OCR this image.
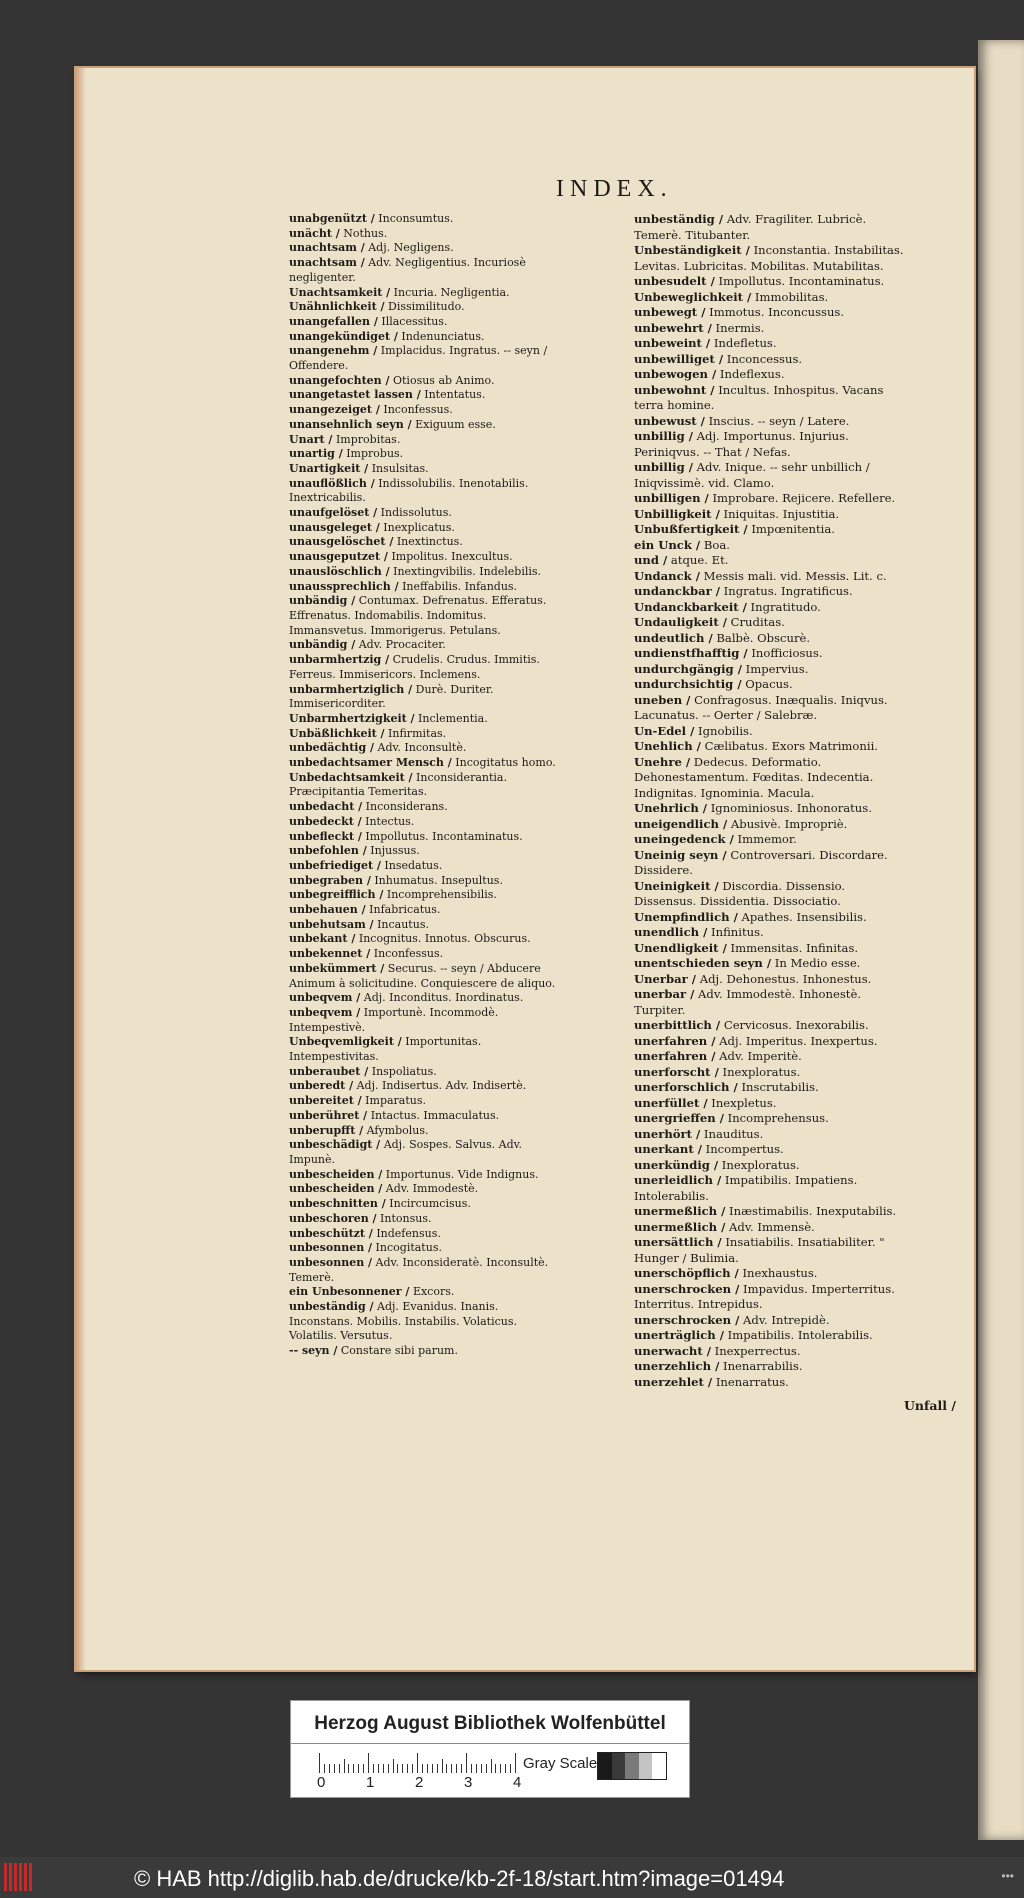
INDEX.
unabgenützt / Inconsumtus.
unächt / Nothus.
unachtsam / Adj. Negligens.
unachtsam / Adv. Negligentius. Incuriosè negligenter.
Unachtsamkeit / Incuria. Negligentia.
Unähnlichkeit / Dissimilitudo.
unangefallen / Illacessitus.
unangekündiget / Indenunciatus.
unangenehm / Implacidus. Ingratus. -- seyn / Offendere.
unangefochten / Otiosus ab Animo.
unangetastet lassen / Intentatus.
unangezeiget / Inconfessus.
unansehnlich seyn / Exiguum esse.
Unart / Improbitas.
unartig / Improbus.
Unartigkeit / Insulsitas.
unauflößlich / Indissolubilis. Inenotabilis. Inextricabilis.
unaufgelöset / Indissolutus.
unausgeleget / Inexplicatus.
unausgelöschet / Inextinctus.
unausgeputzet / Impolitus. Inexcultus.
unauslöschlich / Inextingvibilis. Indelebilis.
unaussprechlich / Ineffabilis. Infandus.
unbändig / Contumax. Defrenatus. Efferatus. Effrenatus. Indomabilis. Indomitus. Immansvetus. Immorigerus. Petulans.
unbändig / Adv. Procaciter.
unbarmhertzig / Crudelis. Crudus. Immitis. Ferreus. Immisericors. Inclemens.
unbarmhertziglich / Durè. Duriter. Immisericorditer.
Unbarmhertzigkeit / Inclementia.
Unbäßlichkeit / Infirmitas.
unbedächtig / Adv. Inconsultè.
unbedachtsamer Mensch / Incogitatus homo.
Unbedachtsamkeit / Inconsiderantia. Præcipitantia Temeritas.
unbedacht / Inconsiderans.
unbedeckt / Intectus.
unbefleckt / Impollutus. Incontaminatus.
unbefohlen / Injussus.
unbefriediget / Insedatus.
unbegraben / Inhumatus. Insepultus.
unbegreifflich / Incomprehensibilis.
unbehauen / Infabricatus.
unbehutsam / Incautus.
unbekant / Incognitus. Innotus. Obscurus.
unbekennet / Inconfessus.
unbekümmert / Securus. -- seyn / Abducere Animum à solicitudine. Conquiescere de aliquo.
unbeqvem / Adj. Inconditus. Inordinatus.
unbeqvem / Importunè. Incommodè. Intempestivè.
Unbeqvemligkeit / Importunitas. Intempestivitas.
unberaubet / Inspoliatus.
unberedt / Adj. Indisertus. Adv. Indisertè.
unbereitet / Imparatus.
unberühret / Intactus. Immaculatus.
unberupfft / Afymbolus.
unbeschädigt / Adj. Sospes. Salvus. Adv. Impunè.
unbescheiden / Importunus. Vide Indignus.
unbescheiden / Adv. Immodestè.
unbeschnitten / Incircumcisus.
unbeschoren / Intonsus.
unbeschützt / Indefensus.
unbesonnen / Incogitatus.
unbesonnen / Adv. Inconsideratè. Inconsultè. Temerè.
ein Unbesonnener / Excors.
unbeständig / Adj. Evanidus. Inanis. Inconstans. Mobilis. Instabilis. Volaticus. Volatilis. Versutus.
-- seyn / Constare sibi parum.
unbeständig / Adv. Fragiliter. Lubricè. Temerè. Titubanter.
Unbeständigkeit / Inconstantia. Instabilitas. Levitas. Lubricitas. Mobilitas. Mutabilitas.
unbesudelt / Impollutus. Incontaminatus.
Unbeweglichkeit / Immobilitas.
unbewegt / Immotus. Inconcussus.
unbewehrt / Inermis.
unbeweint / Indefletus.
unbewilliget / Inconcessus.
unbewogen / Indeflexus.
unbewohnt / Incultus. Inhospitus. Vacans terra homine.
unbewust / Inscius. -- seyn / Latere.
unbillig / Adj. Importunus. Injurius. Periniqvus. -- That / Nefas.
unbillig / Adv. Inique. -- sehr unbillich / Iniqvissimè. vid. Clamo.
unbilligen / Improbare. Rejicere. Refellere.
Unbilligkeit / Iniquitas. Injustitia.
Unbußfertigkeit / Impœnitentia.
ein Unck / Boa.
und / atque. Et.
Undanck / Messis mali. vid. Messis. Lit. c.
undanckbar / Ingratus. Ingratificus.
Undanckbarkeit / Ingratitudo.
Undauligkeit / Cruditas.
undeutlich / Balbè. Obscurè.
undienstfhafftig / Inofficiosus.
undurchgängig / Impervius.
undurchsichtig / Opacus.
uneben / Confragosus. Inæqualis. Iniqvus. Lacunatus. -- Oerter / Salebræ.
Un-Edel / Ignobilis.
Unehlich / Cælibatus. Exors Matrimonii.
Unehre / Dedecus. Deformatio. Dehonestamentum. Fœditas. Indecentia. Indignitas. Ignominia. Macula.
Unehrlich / Ignominiosus. Inhonoratus.
uneigendlich / Abusivè. Impropriè.
uneingedenck / Immemor.
Uneinig seyn / Controversari. Discordare. Dissidere.
Uneinigkeit / Discordia. Dissensio. Dissensus. Dissidentia. Dissociatio.
Unempfindlich / Apathes. Insensibilis.
unendlich / Infinitus.
Unendligkeit / Immensitas. Infinitas.
unentschieden seyn / In Medio esse.
Unerbar / Adj. Dehonestus. Inhonestus.
unerbar / Adv. Immodestè. Inhonestè. Turpiter.
unerbittlich / Cervicosus. Inexorabilis.
unerfahren / Adj. Imperitus. Inexpertus.
unerfahren / Adv. Imperitè.
unerforscht / Inexploratus.
unerforschlich / Inscrutabilis.
unerfüllet / Inexpletus.
unergrieffen / Incomprehensus.
unerhört / Inauditus.
unerkant / Incompertus.
unerkündig / Inexploratus.
unerleidlich / Impatibilis. Impatiens. Intolerabilis.
unermeßlich / Inæstimabilis. Inexputabilis.
unermeßlich / Adv. Immensè.
unersättlich / Insatiabilis. Insatiabiliter. " Hunger / Bulimia.
unerschöpflich / Inexhaustus.
unerschrocken / Impavidus. Imperterritus. Interritus. Intrepidus.
unerschrocken / Adv. Intrepidè.
unerträglich / Impatibilis. Intolerabilis.
unerwacht / Inexperrectus.
unerzehlich / Inenarrabilis.
unerzehlet / Inenarratus.
Unfall /
Herzog August Bibliothek Wolfenbüttel
0	1	2	3	4
Gray Scale
© HAB http://diglib.hab.de/drucke/kb-2f-18/start.htm?image=01494	•••
